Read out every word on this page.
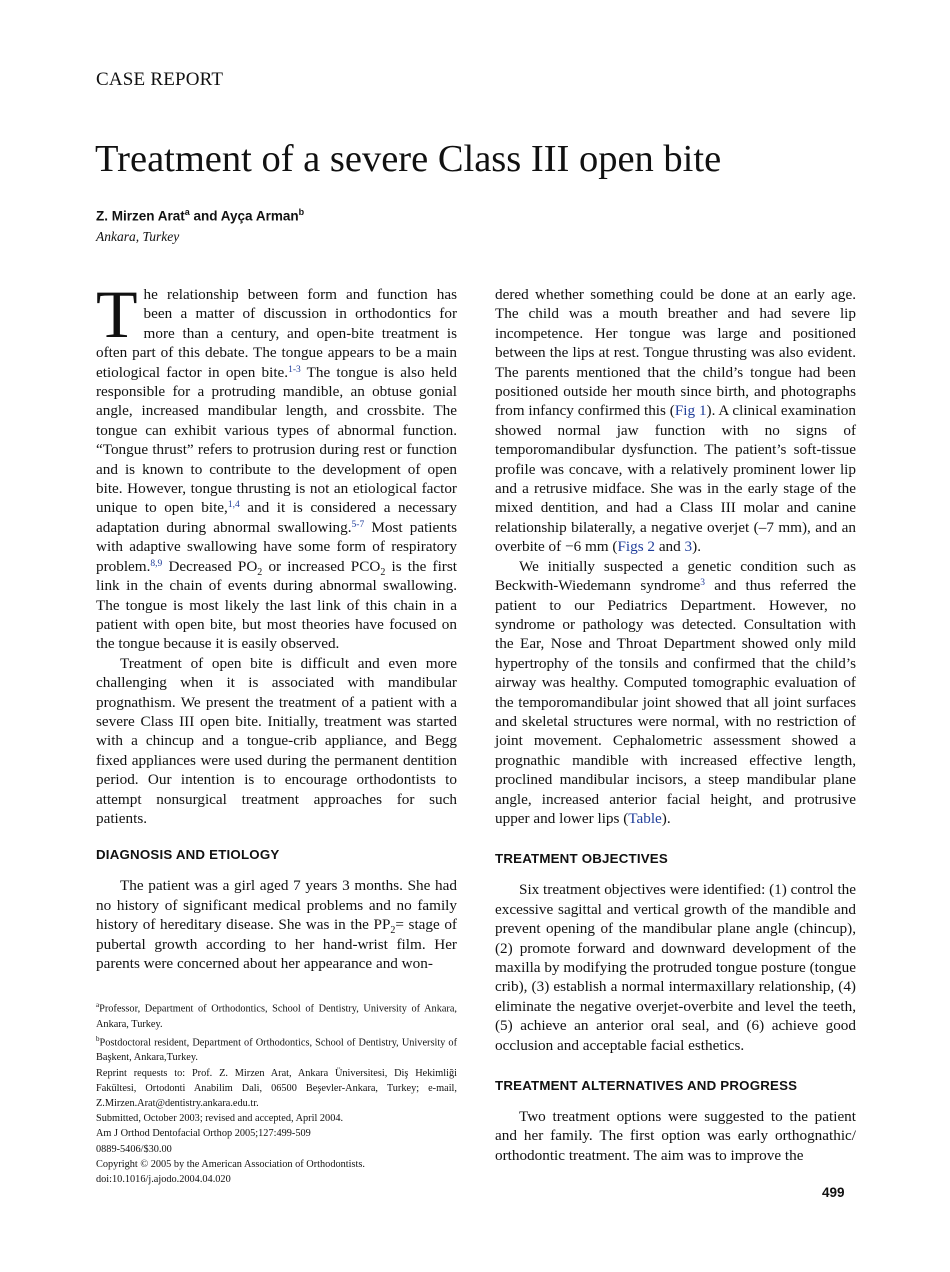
CASE REPORT
Treatment of a severe Class III open bite
Z. Mirzen Arat$^a$ and Ayça Arman$^b$
Ankara, Turkey

The relationship between form and function has been a matter of discussion in orthodontics for more than a century, and open-bite treatment is often part of this debate. The tongue appears to be a main etiological factor in open bite.$^{1-3}$ The tongue is also held responsible for a protruding mandible, an obtuse gonial angle, increased mandibular length, and crossbite. The tongue can exhibit various types of abnormal function. “Tongue thrust” refers to protrusion during rest or function and is known to contribute to the development of open bite. However, tongue thrusting is not an etiological factor unique to open bite,$^{1,4}$ and it is considered a necessary adaptation during abnormal swallowing.$^{5-7}$ Most patients with adaptive swallowing have some form of respiratory problem.$^{8,9}$ Decreased $PO_2$ or increased $PCO_2$ is the first link in the chain of events during abnormal swallowing. The tongue is most likely the last link of this chain in a patient with open bite, but most theories have focused on the tongue because it is easily observed.

Treatment of open bite is difficult and even more challenging when it is associated with mandibular prognathism. We present the treatment of a patient with a severe Class III open bite. Initially, treatment was started with a chincup and a tongue-crib appliance, and Begg fixed appliances were used during the permanent dentition period. Our intention is to encourage orthodontists to attempt nonsurgical treatment approaches for such patients.

DIAGNOSIS AND ETIOLOGY

The patient was a girl aged 7 years 3 months. She had no history of significant medical problems and no family history of hereditary disease. She was in the $PP_2=$ stage of pubertal growth according to her hand-wrist film. Her parents were concerned about her appearance and won-

dered whether something could be done at an early age. The child was a mouth breather and had severe lip incompetence. Her tongue was large and positioned between the lips at rest. Tongue thrusting was also evident. The parents mentioned that the child’s tongue had been positioned outside her mouth since birth, and photographs from infancy confirmed this (Fig 1). A clinical examination showed normal jaw function with no signs of temporomandibular dysfunction. The patient’s soft-tissue profile was concave, with a relatively prominent lower lip and a retrusive midface. She was in the early stage of the mixed dentition, and had a Class III molar and canine relationship bilaterally, a negative overjet (–7 mm), and an overbite of −6 mm (Figs 2 and 3).

We initially suspected a genetic condition such as Beckwith-Wiedemann syndrome$^3$ and thus referred the patient to our Pediatrics Department. However, no syndrome or pathology was detected. Consultation with the Ear, Nose and Throat Department showed only mild hypertrophy of the tonsils and confirmed that the child’s airway was healthy. Computed tomographic evaluation of the temporomandibular joint showed that all joint surfaces and skeletal structures were normal, with no restriction of joint movement. Cephalometric assessment showed a prognathic mandible with increased effective length, proclined mandibular incisors, a steep mandibular plane angle, increased anterior facial height, and protrusive upper and lower lips (Table).

TREATMENT OBJECTIVES

Six treatment objectives were identified: (1) control the excessive sagittal and vertical growth of the mandible and prevent opening of the mandibular plane angle (chincup), (2) promote forward and downward development of the maxilla by modifying the protruded tongue posture (tongue crib), (3) establish a normal intermaxillary relationship, (4) eliminate the negative overjet-overbite and level the teeth, (5) achieve an anterior oral seal, and (6) achieve good occlusion and acceptable facial esthetics.

TREATMENT ALTERNATIVES AND PROGRESS

Two treatment options were suggested to the patient and her family. The first option was early orthognathic/ orthodontic treatment. The aim was to improve the

$^a$Professor, Department of Orthodontics, School of Dentistry, University of Ankara, Ankara, Turkey.
$^b$Postdoctoral resident, Department of Orthodontics, School of Dentistry, University of Başkent, Ankara,Turkey.
Reprint requests to: Prof. Z. Mirzen Arat, Ankara Üniversitesi, Diş Hekimliği Fakültesi, Ortodonti Anabilim Dali, 06500 Beşevler-Ankara, Turkey; e-mail, Z.Mirzen.Arat@dentistry.ankara.edu.tr.
Submitted, October 2003; revised and accepted, April 2004.
Am J Orthod Dentofacial Orthop 2005;127:499-509
0889-5406/$30.00
Copyright © 2005 by the American Association of Orthodontists.
doi:10.1016/j.ajodo.2004.04.020
499
